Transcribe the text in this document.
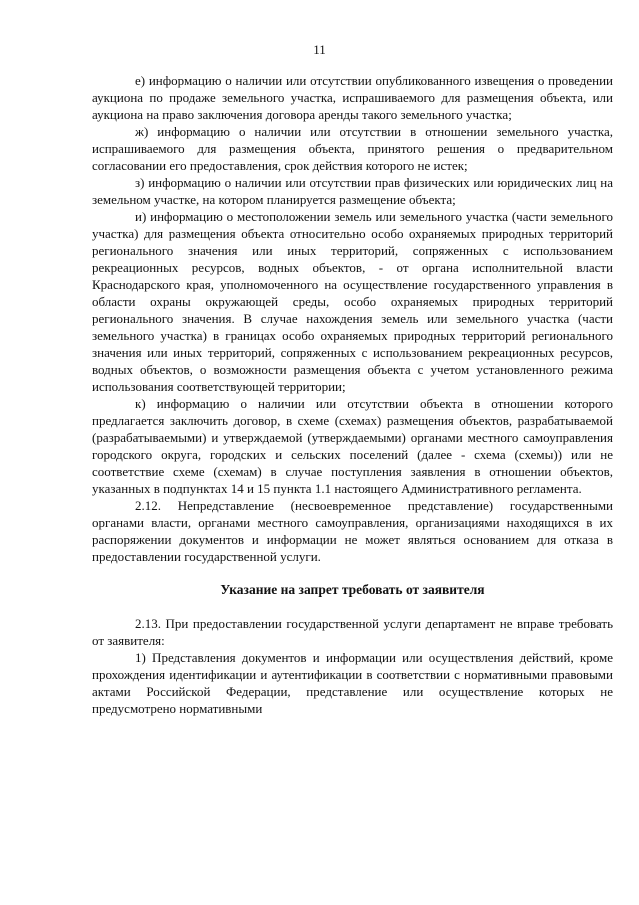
11

е) информацию о наличии или отсутствии опубликованного извещения о проведении аукциона по продаже земельного участка, испрашиваемого для размещения объекта, или аукциона на право заключения договора аренды такого земельного участка;

ж) информацию о наличии или отсутствии в отношении земельного участка, испрашиваемого для размещения объекта, принятого решения о предварительном согласовании его предоставления, срок действия которого не истек;

з) информацию о наличии или отсутствии прав физических или юридических лиц на земельном участке, на котором планируется размещение объекта;

и) информацию о местоположении земель или земельного участка (части земельного участка) для размещения объекта относительно особо охраняемых природных территорий регионального значения или иных территорий, сопряженных с использованием рекреационных ресурсов, водных объектов, - от органа исполнительной власти Краснодарского края, уполномоченного на осуществление государственного управления в области охраны окружающей среды, особо охраняемых природных территорий регионального значения. В случае нахождения земель или земельного участка (части земельного участка) в границах особо охраняемых природных территорий регионального значения или иных территорий, сопряженных с использованием рекреационных ресурсов, водных объектов, о возможности размещения объекта с учетом установленного режима использования соответствующей территории;

к) информацию о наличии или отсутствии объекта в отношении которого предлагается заключить договор, в схеме (схемах) размещения объектов, разрабатываемой (разрабатываемыми) и утверждаемой (утверждаемыми) органами местного самоуправления городского округа, городских и сельских поселений (далее - схема (схемы)) или не соответствие схеме (схемам) в случае поступления заявления в отношении объектов, указанных в подпунктах 14 и 15 пункта 1.1 настоящего Административного регламента.

2.12. Непредставление (несвоевременное представление) государственными органами власти, органами местного самоуправления, организациями находящихся в их распоряжении документов и информации не может являться основанием для отказа в предоставлении государственной услуги.

Указание на запрет требовать от заявителя

2.13. При предоставлении государственной услуги департамент не вправе требовать от заявителя:

1) Представления документов и информации или осуществления действий, кроме прохождения идентификации и аутентификации в соответствии с нормативными правовыми актами Российской Федерации, представление или осуществление которых не предусмотрено нормативными
